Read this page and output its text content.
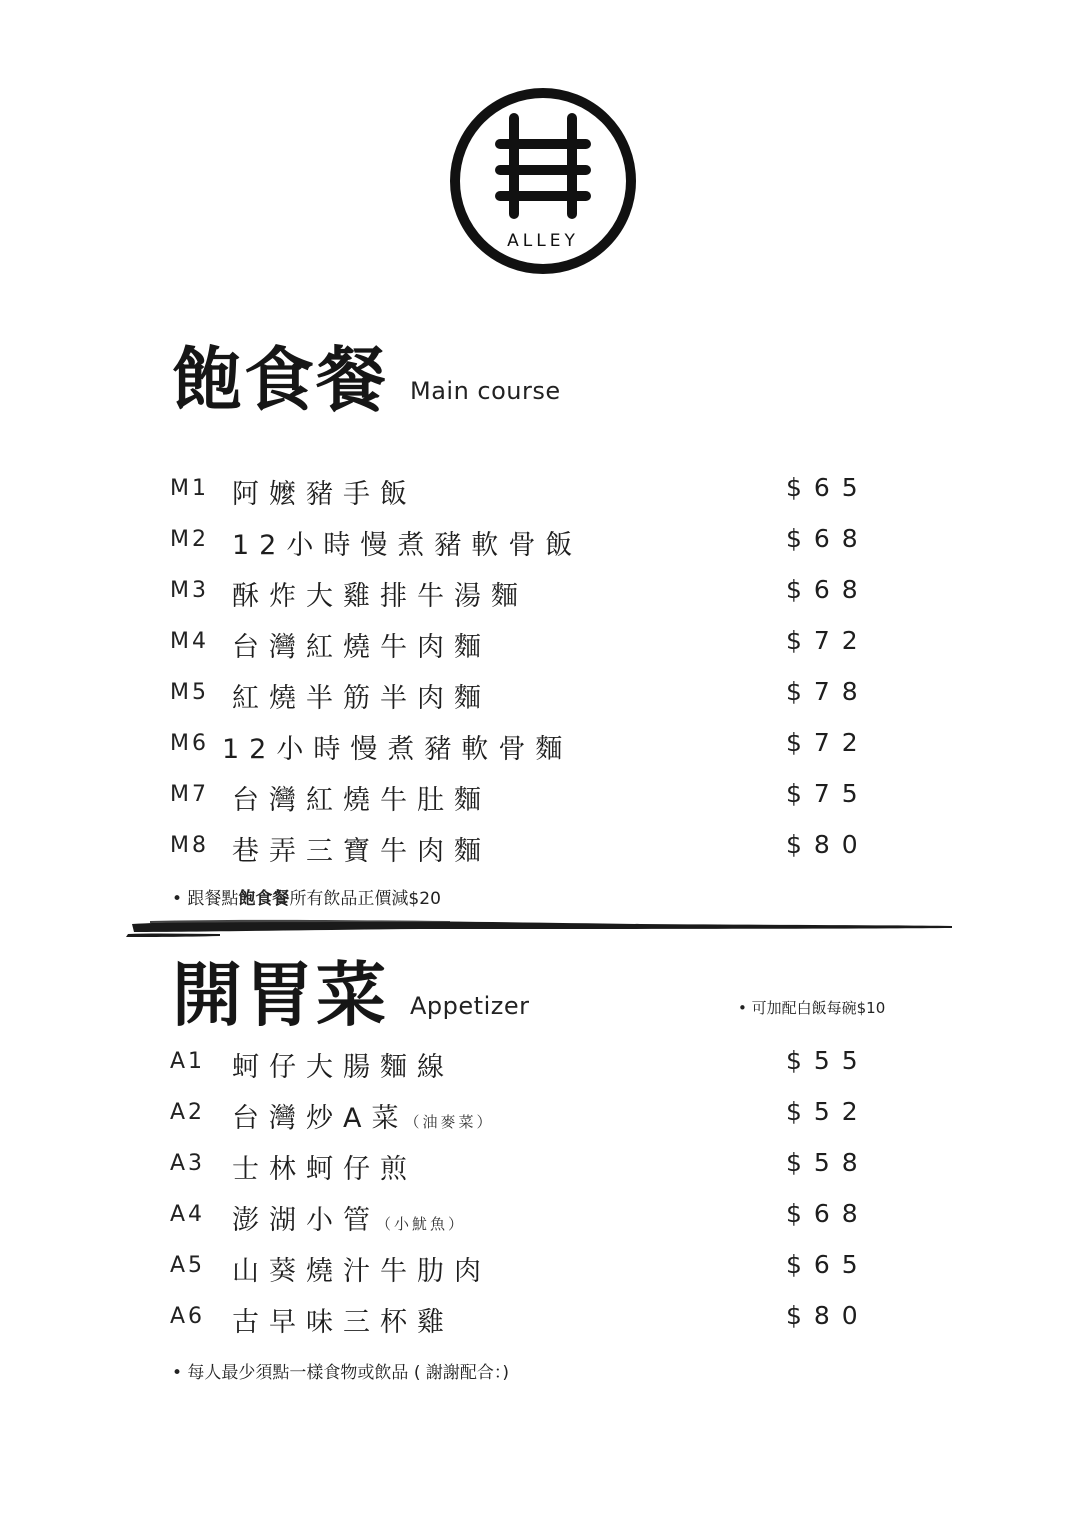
ALLEY
飽食餐 Main course
M1 阿嬤豬手飯	$65
M2 12小時慢煮豬軟骨飯	$68
M3 酥炸大雞排牛湯麵	$68
M4 台灣紅燒牛肉麵	$72
M5 紅燒半筋半肉麵	$78
M6 12小時慢煮豬軟骨麵	$72
M7 台灣紅燒牛肚麵	$75
M8 巷弄三寶牛肉麵	$80
• 跟餐點飽食餐所有飲品正價減$20
開胃菜 Appetizer	• 可加配白飯每碗$10
A1 蚵仔大腸麵線	$55
A2 台灣炒A菜（油麥菜）	$52
A3 士林蚵仔煎	$58
A4 澎湖小管（小魷魚）	$68
A5 山葵燒汁牛肋肉	$65
A6 古早味三杯雞	$80
• 每人最少須點一樣食物或飲品 ( 謝謝配合：)
